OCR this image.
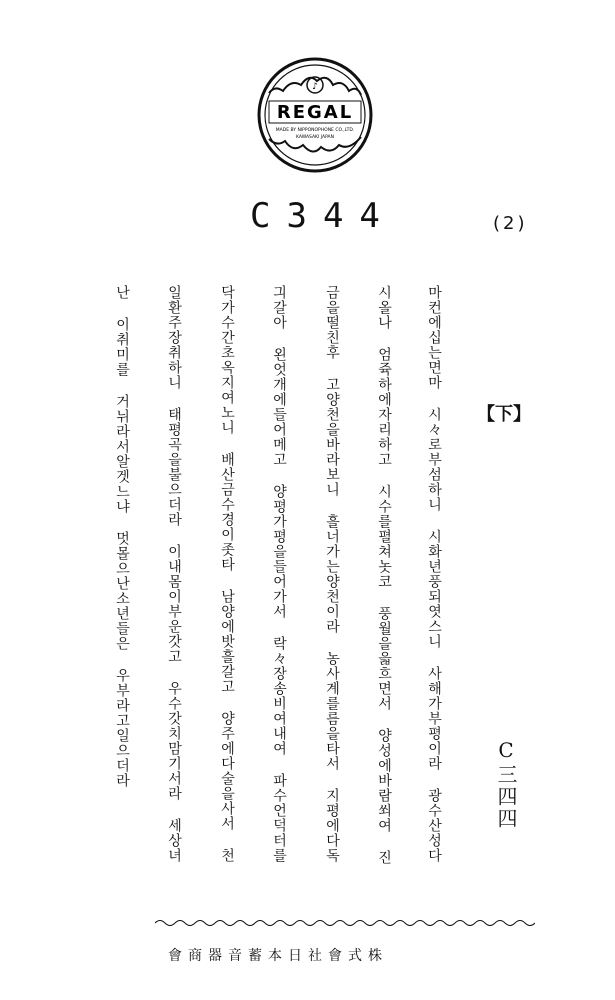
♪
REGAL
MADE BY NIPPONOPHONE CO.,LTD.
KAWASAKI JAPAN
C344	(2)
마컨에십는면마 시々로부섬하니 시화년풍되엿스니 사해가부평이라 광수산성다
시올나 엄쥭하에자리하고 시수를펼쳐놋코 풍월을읇흐면서 양성에바람쐬여 진
금을떨친후 고양천을바라보니 흘너가는양천이라 농사계를름을타서 지평에다독
긔갈아 왼엇개에들어메고 양평가평을들어가서 락々장송비여내여 파수언덕터를
닥가수간초옥지여노니 배산금수경이좃타 남양에밧흘갈고 양주에다술을사서 천
일환주장취하니 태평곡을불으더라 이내몸이부운갓고 우수갓치맘기서라 세상녀
난 이취미를 거뉘라서알겟느냐 멋몰으난소년들은 우부라고일으더라	【下】
C三四四
會商器音蓄本日社會式株
